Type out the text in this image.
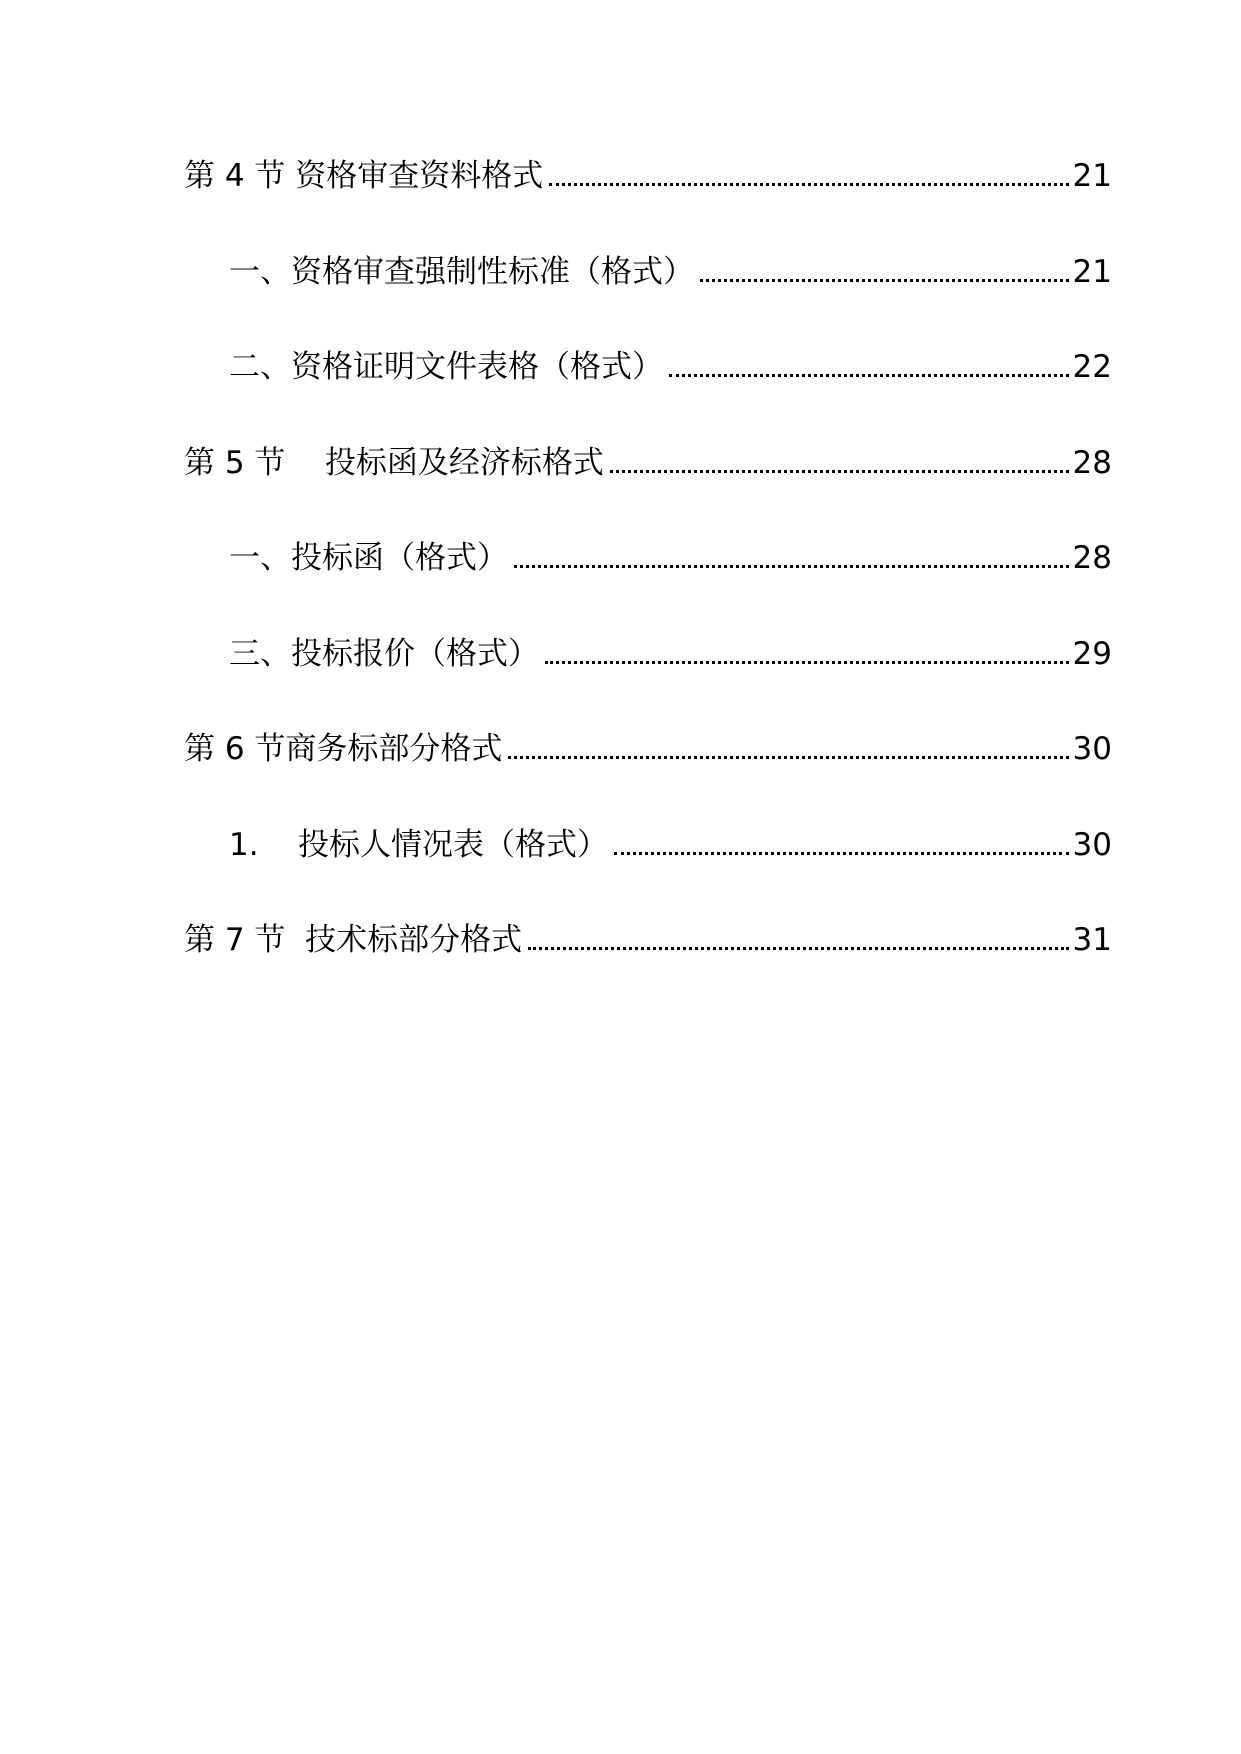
第 4 节 资格审查资料格式	21
一、资格审查强制性标准（格式）	21
二、资格证明文件表格（格式）	22
第 5 节    投标函及经济标格式	28
一、投标函（格式）	28
三、投标报价（格式）	29
第 6 节商务标部分格式	30
1.    投标人情况表（格式）	30
第 7 节  技术标部分格式	31
